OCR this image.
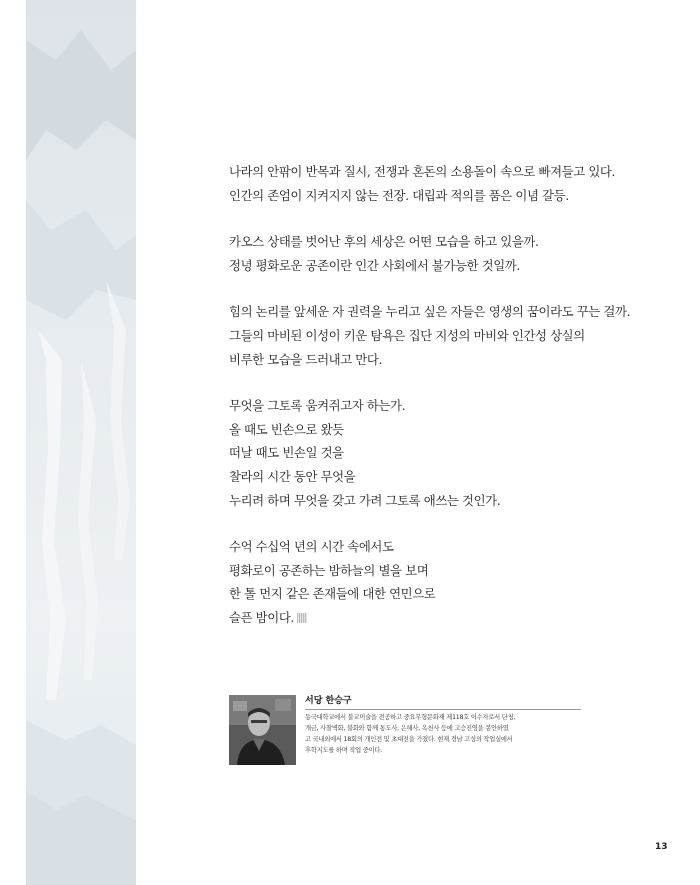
나라의 안팎이 반목과 질시, 전쟁과 혼돈의 소용돌이 속으로 빠져들고 있다.
인간의 존엄이 지켜지지 않는 전장. 대립과 적의를 품은 이념 갈등.
카오스 상태를 벗어난 후의 세상은 어떤 모습을 하고 있을까.
정녕 평화로운 공존이란 인간 사회에서 불가능한 것일까.
힘의 논리를 앞세운 자 권력을 누리고 싶은 자들은 영생의 꿈이라도 꾸는 걸까.
그들의 마비된 이성이 키운 탐욕은 집단 지성의 마비와 인간성 상실의
비루한 모습을 드러내고 만다.
무엇을 그토록 움켜쥐고자 하는가.
올 때도 빈손으로 왔듯
떠날 때도 빈손일 것을
찰라의 시간 동안 무엇을
누리려 하며 무엇을 갖고 가려 그토록 애쓰는 것인가.
수억 수십억 년의 시간 속에서도
평화로이 공존하는 밤하늘의 별을 보며
한 톨 먼지 같은 존재들에 대한 연민으로
슬픈 밤이다.
서당 한승구
동국대학교에서 불교미술을 전공하고 중요무형문화재 제118호 이수자로서 단청,
개금, 사찰벽화, 불화와 함께 통도사, 은해사, 옥천사 등에 고승진영을 봉안하였
고 국내외에서 18회의 개인전 및 초대전을 가졌다. 현재 경남 고성의 작업실에서
후학지도를 하며 작업 중이다.
13
